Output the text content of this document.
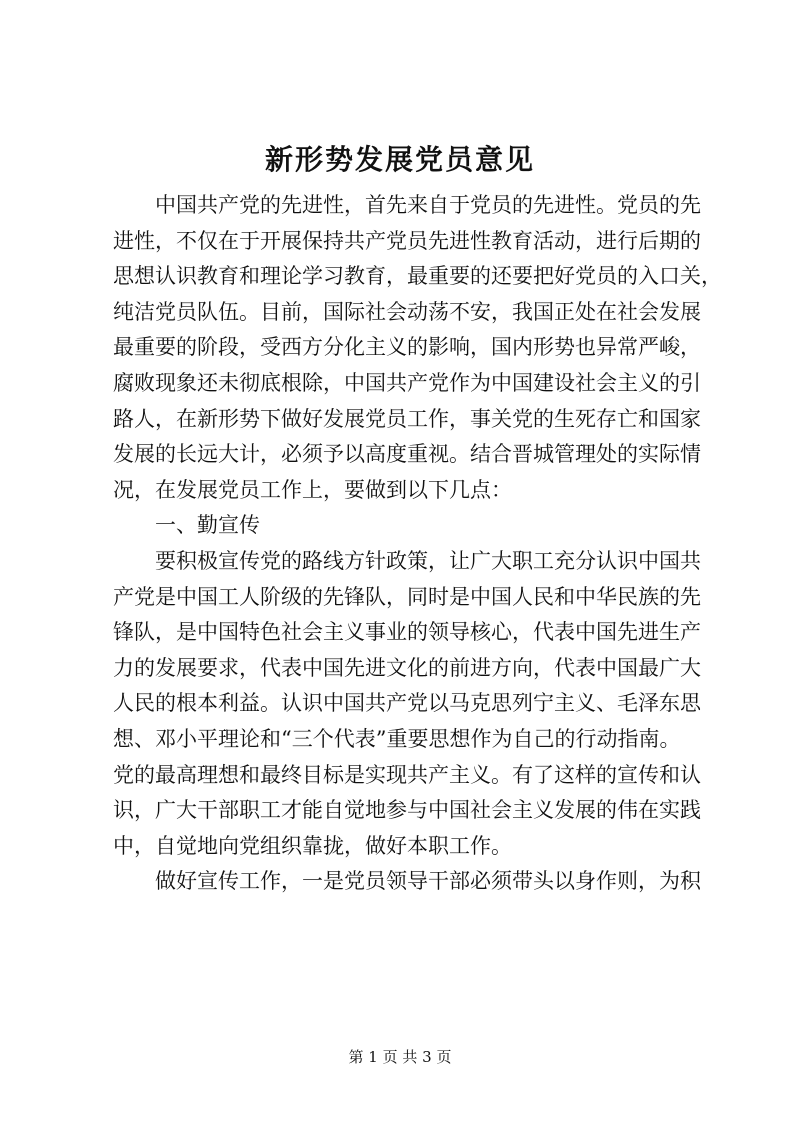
新形势发展党员意见
　　中国共产党的先进性，首先来自于党员的先进性。党员的先
进性，不仅在于开展保持共产党员先进性教育活动，进行后期的
思想认识教育和理论学习教育，最重要的还要把好党员的入口关，
纯洁党员队伍。目前，国际社会动荡不安，我国正处在社会发展
最重要的阶段，受西方分化主义的影响，国内形势也异常严峻，
腐败现象还未彻底根除，中国共产党作为中国建设社会主义的引
路人，在新形势下做好发展党员工作，事关党的生死存亡和国家
发展的长远大计，必须予以高度重视。结合晋城管理处的实际情
况，在发展党员工作上，要做到以下几点：
　　一、勤宣传
　　要积极宣传党的路线方针政策，让广大职工充分认识中国共
产党是中国工人阶级的先锋队，同时是中国人民和中华民族的先
锋队，是中国特色社会主义事业的领导核心，代表中国先进生产
力的发展要求，代表中国先进文化的前进方向，代表中国最广大
人民的根本利益。认识中国共产党以马克思列宁主义、毛泽东思
想、邓小平理论和“三个代表”重要思想作为自己的行动指南。
党的最高理想和最终目标是实现共产主义。有了这样的宣传和认
识，广大干部职工才能自觉地参与中国社会主义发展的伟在实践
中，自觉地向党组织靠拢，做好本职工作。
　　做好宣传工作，一是党员领导干部必须带头以身作则，为积
第 1 页 共 3 页
